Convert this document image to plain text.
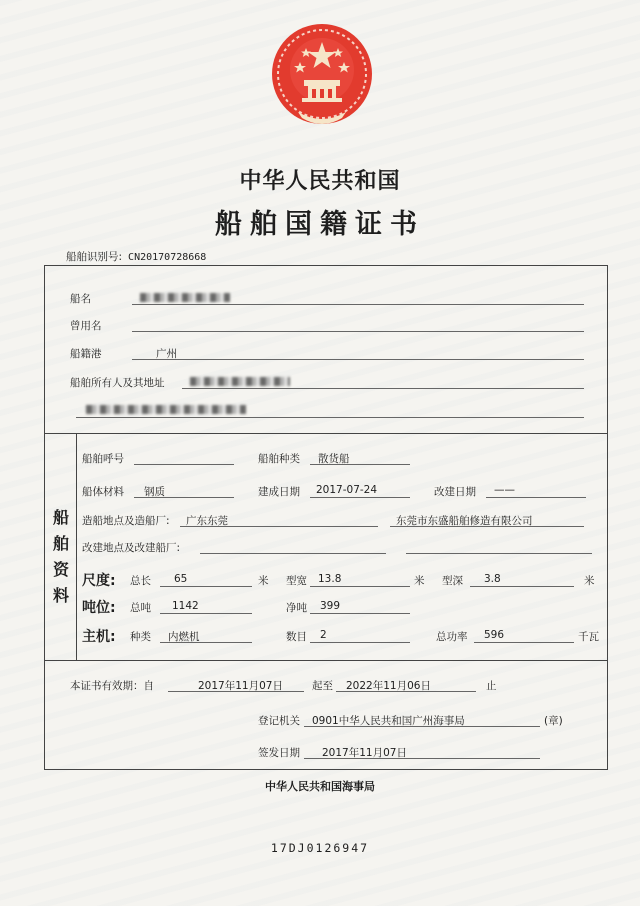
中华人民共和国
船舶国籍证书
船舶识别号: CN20170728668
船名
曾用名
船籍港	广州
船舶所有人及其地址
船
舶
资
料
船舶呼号	船舶种类 散货船
船体材料 钢质	建成日期 2017-07-24	改建日期 ——
造船地点及造船厂: 广东东莞	东莞市东盛船舶修造有限公司
改建地点及改建船厂:
尺度: 总长 65	米 型宽 13.8	米 型深 3.8	米
吨位: 总吨 1142	净吨 399
主机: 种类 内燃机	数目 2	总功率 596	千瓦
本证书有效期：自	2017年11月07日	起至 2022年11月06日	止
登记机关 0901中华人民共和国广州海事局	(章)
签发日期 2017年11月07日
中华人民共和国海事局
17DJ0126947
